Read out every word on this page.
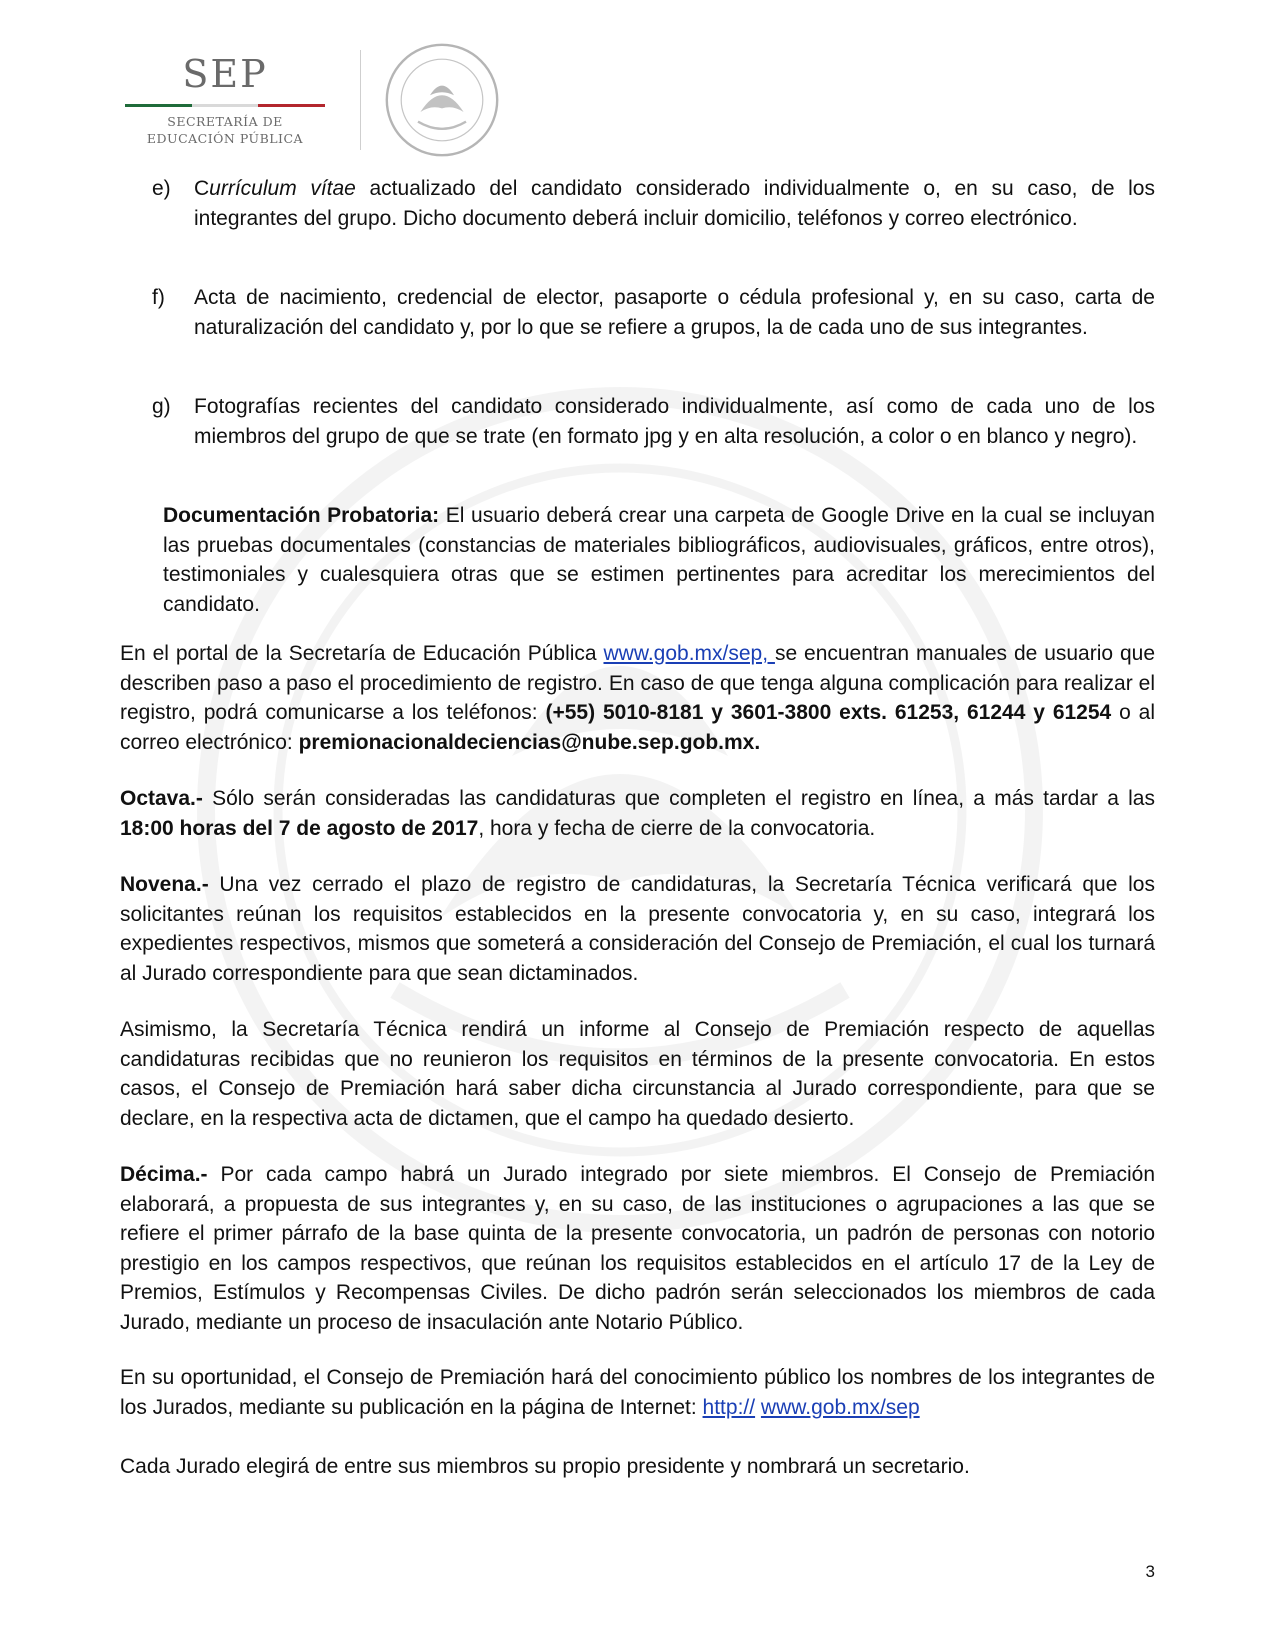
SEP
SECRETARÍA DE
EDUCACIÓN PÚBLICA
e)	Currículum vítae actualizado del candidato considerado individualmente o, en su caso, de los integrantes del grupo. Dicho documento deberá incluir domicilio, teléfonos y correo electrónico.
f)	Acta de nacimiento, credencial de elector, pasaporte o cédula profesional y, en su caso, carta de naturalización del candidato y, por lo que se refiere a grupos, la de cada uno de sus integrantes.
g)	Fotografías recientes del candidato considerado individualmente, así como de cada uno de los miembros del grupo de que se trate (en formato jpg y en alta resolución, a color o en blanco y negro).
Documentación Probatoria: El usuario deberá crear una carpeta de Google Drive en la cual se incluyan las pruebas documentales (constancias de materiales bibliográficos, audiovisuales, gráficos, entre otros), testimoniales y cualesquiera otras que se estimen pertinentes para acreditar los merecimientos del candidato.
En el portal de la Secretaría de Educación Pública www.gob.mx/sep, se encuentran manuales de usuario que describen paso a paso el procedimiento de registro. En caso de que tenga alguna complicación para realizar el registro, podrá comunicarse a los teléfonos: (+55) 5010-8181 y 3601-3800 exts. 61253, 61244 y 61254 o al correo electrónico: premionacionaldeciencias@nube.sep.gob.mx.
Octava.- Sólo serán consideradas las candidaturas que completen el registro en línea, a más tardar a las 18:00 horas del 7 de agosto de 2017, hora y fecha de cierre de la convocatoria.
Novena.- Una vez cerrado el plazo de registro de candidaturas, la Secretaría Técnica verificará que los solicitantes reúnan los requisitos establecidos en la presente convocatoria y, en su caso, integrará los expedientes respectivos, mismos que someterá a consideración del Consejo de Premiación, el cual los turnará al Jurado correspondiente para que sean dictaminados.
Asimismo, la Secretaría Técnica rendirá un informe al Consejo de Premiación respecto de aquellas candidaturas recibidas que no reunieron los requisitos en términos de la presente convocatoria. En estos casos, el Consejo de Premiación hará saber dicha circunstancia al Jurado correspondiente, para que se declare, en la respectiva acta de dictamen, que el campo ha quedado desierto.
Décima.- Por cada campo habrá un Jurado integrado por siete miembros. El Consejo de Premiación elaborará, a propuesta de sus integrantes y, en su caso, de las instituciones o agrupaciones a las que se refiere el primer párrafo de la base quinta de la presente convocatoria, un padrón de personas con notorio prestigio en los campos respectivos, que reúnan los requisitos establecidos en el artículo 17 de la Ley de Premios, Estímulos y Recompensas Civiles. De dicho padrón serán seleccionados los miembros de cada Jurado, mediante un proceso de insaculación ante Notario Público.
En su oportunidad, el Consejo de Premiación hará del conocimiento público los nombres de los integrantes de los Jurados, mediante su publicación en la página de Internet: http:// www.gob.mx/sep
Cada Jurado elegirá de entre sus miembros su propio presidente y nombrará un secretario.
3
